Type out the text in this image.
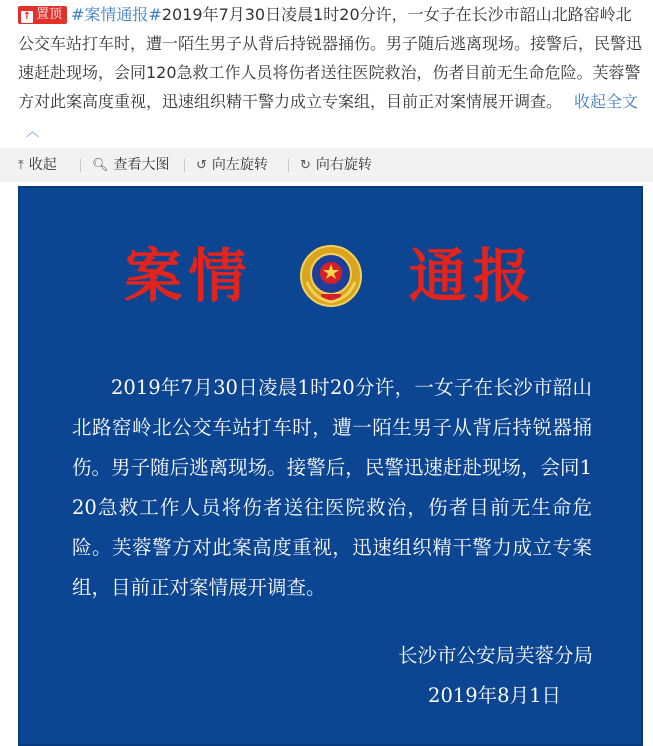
↑ 置顶 #案情通报#2019年7月30日凌晨1时20分许，一女子在长沙市韶山北路窑岭北公交车站打车时，遭一陌生男子从背后持锐器捅伤。男子随后逃离现场。接警后，民警迅速赶赴现场，会同120急救工作人员将伤者送往医院救治，伤者目前无生命危险。芙蓉警方对此案高度重视，迅速组织精干警力成立专案组，目前正对案情展开调查。 收起全文︿
⤒ 收起	🔍︎ 查看大图 ↺ 向左旋转 ↻ 向右旋转
案情	通报
2019年7月30日凌晨1时20分许，一女子在长沙市韶山北路窑岭北公交车站打车时，遭一陌生男子从背后持锐器捅伤。男子随后逃离现场。接警后，民警迅速赶赴现场，会同120急救工作人员将伤者送往医院救治，伤者目前无生命危险。芙蓉警方对此案高度重视，迅速组织精干警力成立专案组，目前正对案情展开调查。
长沙市公安局芙蓉分局
2019年8月1日
